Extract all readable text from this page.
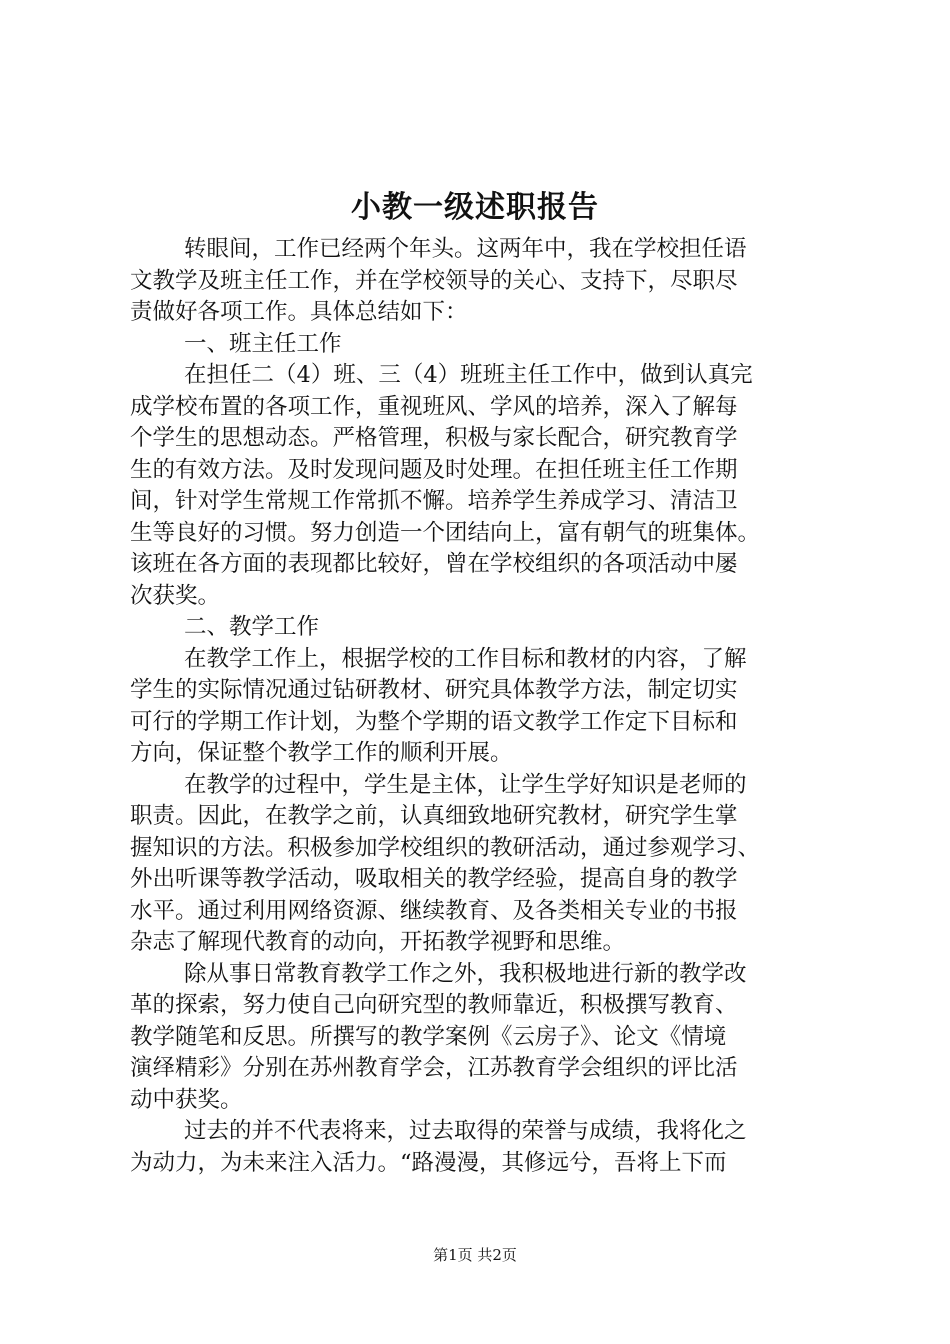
小教一级述职报告
转眼间，工作已经两个年头。这两年中，我在学校担任语
文教学及班主任工作，并在学校领导的关心、支持下，尽职尽
责做好各项工作。具体总结如下：
一、班主任工作
在担任二（4）班、三（4）班班主任工作中，做到认真完
成学校布置的各项工作，重视班风、学风的培养，深入了解每
个学生的思想动态。严格管理，积极与家长配合，研究教育学
生的有效方法。及时发现问题及时处理。在担任班主任工作期
间，针对学生常规工作常抓不懈。培养学生养成学习、清洁卫
生等良好的习惯。努力创造一个团结向上，富有朝气的班集体。
该班在各方面的表现都比较好，曾在学校组织的各项活动中屡
次获奖。
二、教学工作
在教学工作上，根据学校的工作目标和教材的内容，了解
学生的实际情况通过钻研教材、研究具体教学方法，制定切实
可行的学期工作计划，为整个学期的语文教学工作定下目标和
方向，保证整个教学工作的顺利开展。
在教学的过程中，学生是主体，让学生学好知识是老师的
职责。因此，在教学之前，认真细致地研究教材，研究学生掌
握知识的方法。积极参加学校组织的教研活动，通过参观学习、
外出听课等教学活动，吸取相关的教学经验，提高自身的教学
水平。通过利用网络资源、继续教育、及各类相关专业的书报
杂志了解现代教育的动向，开拓教学视野和思维。
除从事日常教育教学工作之外，我积极地进行新的教学改
革的探索，努力使自己向研究型的教师靠近，积极撰写教育、
教学随笔和反思。所撰写的教学案例《云房子》、论文《情境
演绎精彩》分别在苏州教育学会，江苏教育学会组织的评比活
动中获奖。
过去的并不代表将来，过去取得的荣誉与成绩，我将化之
为动力，为未来注入活力。“路漫漫，其修远兮，吾将上下而
第1页 共2页
